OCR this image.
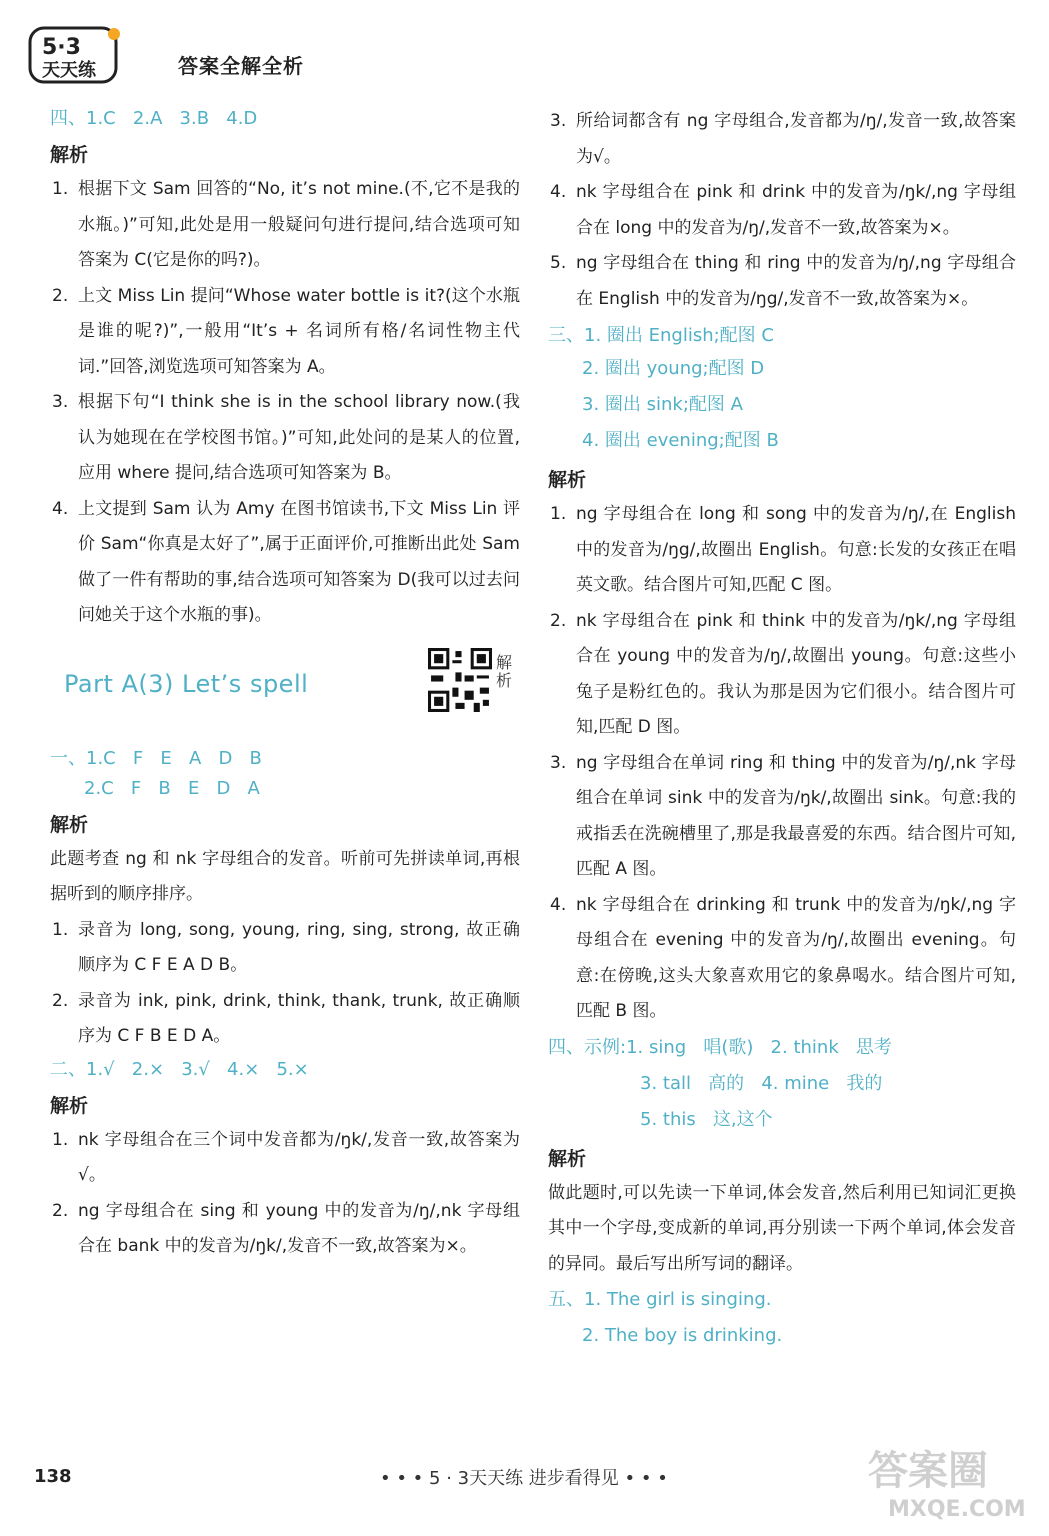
5·3
天天练	答案全解全析
四、1.C   2.A   3.B   4.D
解析
1. 根据下文 Sam 回答的“No, it’s not mine.(不,它不是我的水瓶。)”可知,此处是用一般疑问句进行提问,结合选项可知答案为 C(它是你的吗?)。
2. 上文 Miss Lin 提问“Whose water bottle is it?(这个水瓶是谁的呢?)”,一般用“It’s + 名词所有格/名词性物主代词.”回答,浏览选项可知答案为 A。
3. 根据下句“I think she is in the school library now.(我认为她现在在学校图书馆。)”可知,此处问的是某人的位置,应用 where 提问,结合选项可知答案为 B。
4. 上文提到 Sam 认为 Amy 在图书馆读书,下文 Miss Lin 评价 Sam“你真是太好了”,属于正面评价,可推断出此处 Sam 做了一件有帮助的事,结合选项可知答案为 D(我可以过去问问她关于这个水瓶的事)。
Part A(3) Let’s spell
解析
一、1.C   F   E   A   D   B
2.C   F   B   E   D   A
解析
此题考查 ng 和 nk 字母组合的发音。听前可先拼读单词,再根据听到的顺序排序。
1. 录音为 long, song, young, ring, sing, strong, 故正确顺序为 C F E A D B。
2. 录音为 ink, pink, drink, think, thank, trunk, 故正确顺序为 C F B E D A。
二、1.√   2.×   3.√   4.×   5.×
解析
1. nk 字母组合在三个词中发音都为/ŋk/,发音一致,故答案为√。
2. ng 字母组合在 sing 和 young 中的发音为/ŋ/,nk 字母组合在 bank 中的发音为/ŋk/,发音不一致,故答案为×。
3. 所给词都含有 ng 字母组合,发音都为/ŋ/,发音一致,故答案为√。
4. nk 字母组合在 pink 和 drink 中的发音为/ŋk/,ng 字母组合在 long 中的发音为/ŋ/,发音不一致,故答案为×。
5. ng 字母组合在 thing 和 ring 中的发音为/ŋ/,ng 字母组合在 English 中的发音为/ŋg/,发音不一致,故答案为×。
三、1. 圈出 English;配图 C
2. 圈出 young;配图 D
3. 圈出 sink;配图 A
4. 圈出 evening;配图 B
解析
1. ng 字母组合在 long 和 song 中的发音为/ŋ/,在 English 中的发音为/ŋg/,故圈出 English。句意:长发的女孩正在唱英文歌。结合图片可知,匹配 C 图。
2. nk 字母组合在 pink 和 think 中的发音为/ŋk/,ng 字母组合在 young 中的发音为/ŋ/,故圈出 young。句意:这些小兔子是粉红色的。我认为那是因为它们很小。结合图片可知,匹配 D 图。
3. ng 字母组合在单词 ring 和 thing 中的发音为/ŋ/,nk 字母组合在单词 sink 中的发音为/ŋk/,故圈出 sink。句意:我的戒指丢在洗碗槽里了,那是我最喜爱的东西。结合图片可知,匹配 A 图。
4. nk 字母组合在 drinking 和 trunk 中的发音为/ŋk/,ng 字母组合在 evening 中的发音为/ŋ/,故圈出 evening。句意:在傍晚,这头大象喜欢用它的象鼻喝水。结合图片可知,匹配 B 图。
四、示例:1. sing   唱(歌)   2. think   思考
3. tall   高的   4. mine   我的
5. this   这,这个
解析
做此题时,可以先读一下单词,体会发音,然后利用已知词汇更换其中一个字母,变成新的单词,再分别读一下两个单词,体会发音的异同。最后写出所写词的翻译。
五、1. The girl is singing.
2. The boy is drinking.
138	• • • 5 · 3天天练 进步看得见 • • •	答案圈
MXQE.COM
